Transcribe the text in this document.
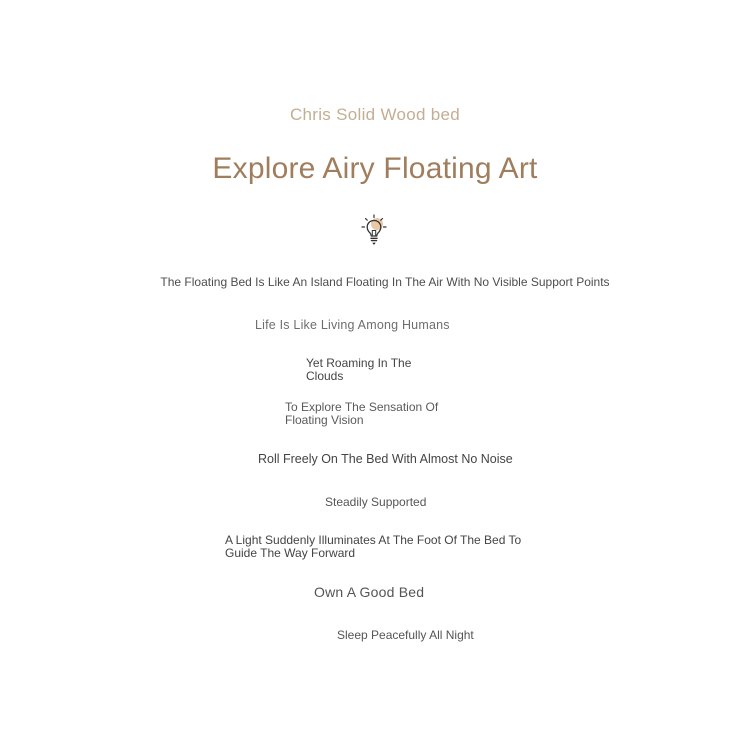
Chris Solid Wood bed

Explore Airy Floating Art

The Floating Bed Is Like An Island Floating In The Air With No Visible Support Points

Life Is Like Living Among Humans

Yet Roaming In The Clouds

To Explore The Sensation Of Floating Vision

Roll Freely On The Bed With Almost No Noise

Steadily Supported

A Light Suddenly Illuminates At The Foot Of The Bed To Guide The Way Forward

Own A Good Bed

Sleep Peacefully All Night
